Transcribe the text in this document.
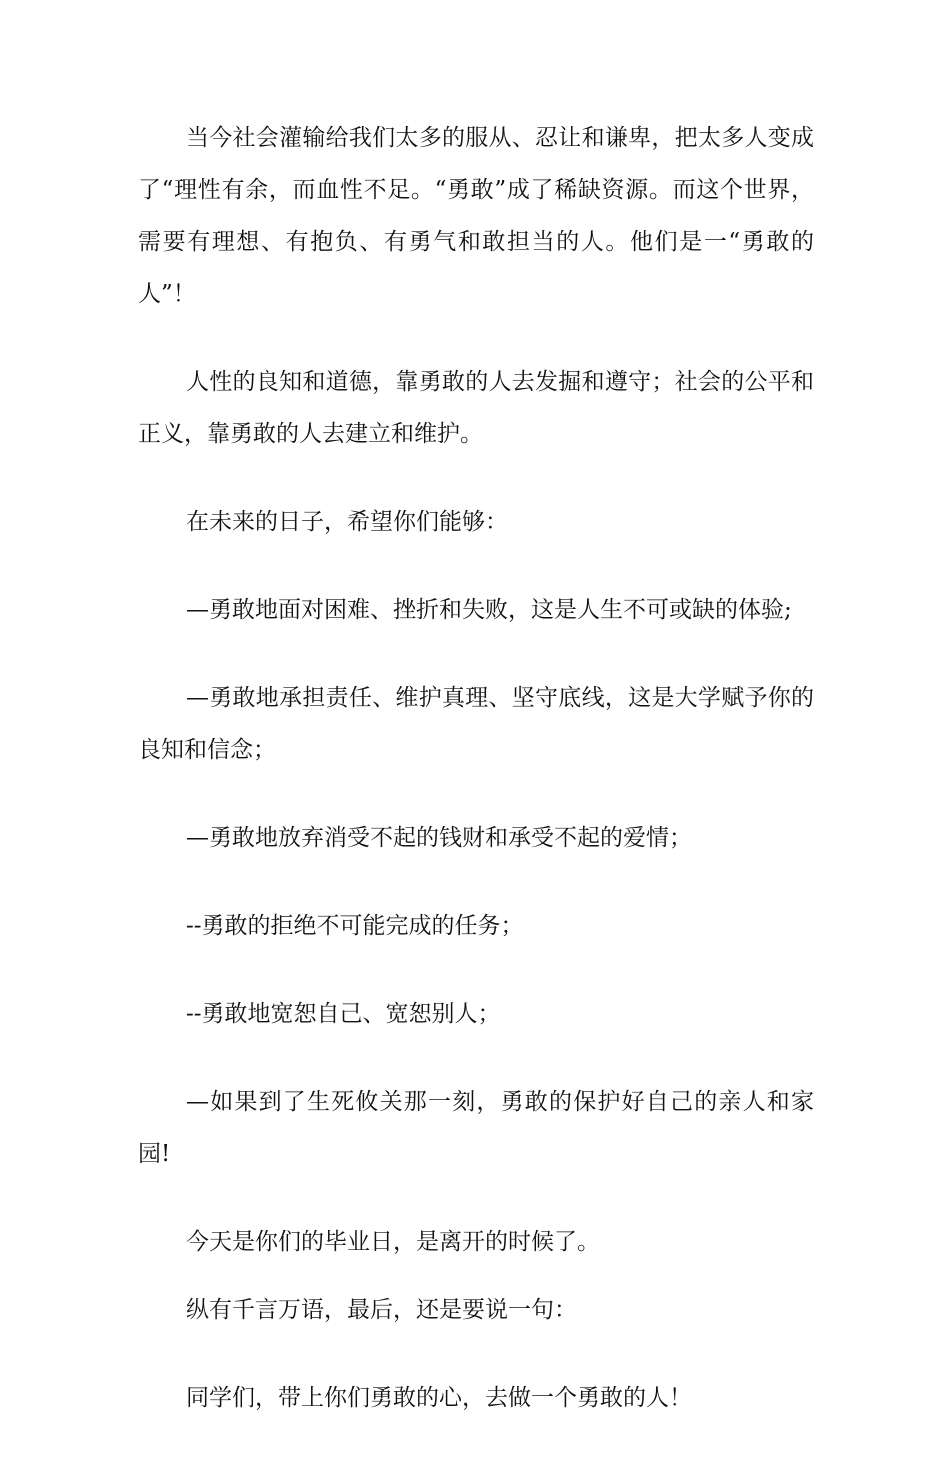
当今社会灌输给我们太多的服从、忍让和谦卑，把太多人变成了“理性有余，而血性不足。“勇敢”成了稀缺资源。而这个世界，需要有理想、有抱负、有勇气和敢担当的人。他们是一“勇敢的人”！

人性的良知和道德，靠勇敢的人去发掘和遵守；社会的公平和正义，靠勇敢的人去建立和维护。

在未来的日子，希望你们能够：

—勇敢地面对困难、挫折和失败，这是人生不可或缺的体验;

—勇敢地承担责任、维护真理、坚守底线，这是大学赋予你的良知和信念；

—勇敢地放弃消受不起的钱财和承受不起的爱情；

--勇敢的拒绝不可能完成的任务；

--勇敢地宽恕自己、宽恕别人；

—如果到了生死攸关那一刻，勇敢的保护好自己的亲人和家园!

今天是你们的毕业日，是离开的时候了。

纵有千言万语，最后，还是要说一句：

同学们，带上你们勇敢的心，去做一个勇敢的人！
